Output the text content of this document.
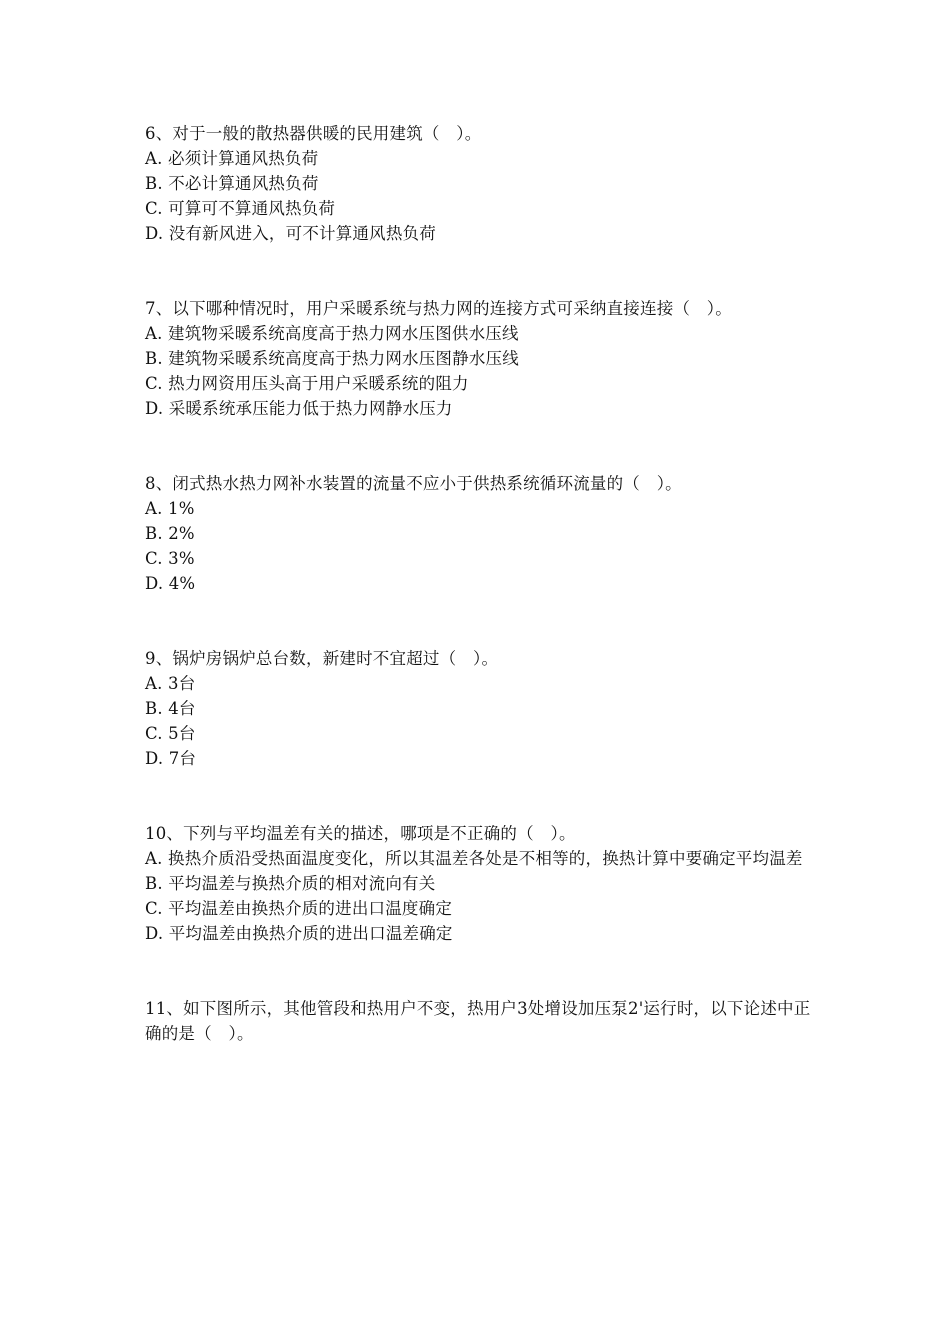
6、对于一般的散热器供暖的民用建筑（　）。

A. 必须计算通风热负荷

B. 不必计算通风热负荷

C. 可算可不算通风热负荷

D. 没有新风进入，可不计算通风热负荷

7、以下哪种情况时，用户采暖系统与热力网的连接方式可采纳直接连接（　）。

A. 建筑物采暖系统高度高于热力网水压图供水压线

B. 建筑物采暖系统高度高于热力网水压图静水压线

C. 热力网资用压头高于用户采暖系统的阻力

D. 采暖系统承压能力低于热力网静水压力

8、闭式热水热力网补水装置的流量不应小于供热系统循环流量的（　）。

A. 1%

B. 2%

C. 3%

D. 4%

9、锅炉房锅炉总台数，新建时不宜超过（　）。

A. 3台

B. 4台

C. 5台

D. 7台

10、下列与平均温差有关的描述，哪项是不正确的（　）。

A. 换热介质沿受热面温度变化，所以其温差各处是不相等的，换热计算中要确定平均温差

B. 平均温差与换热介质的相对流向有关

C. 平均温差由换热介质的进出口温度确定

D. 平均温差由换热介质的进出口温差确定

11、如下图所示，其他管段和热用户不变，热用户3处增设加压泵2'运行时，以下论述中正确的是（　）。
